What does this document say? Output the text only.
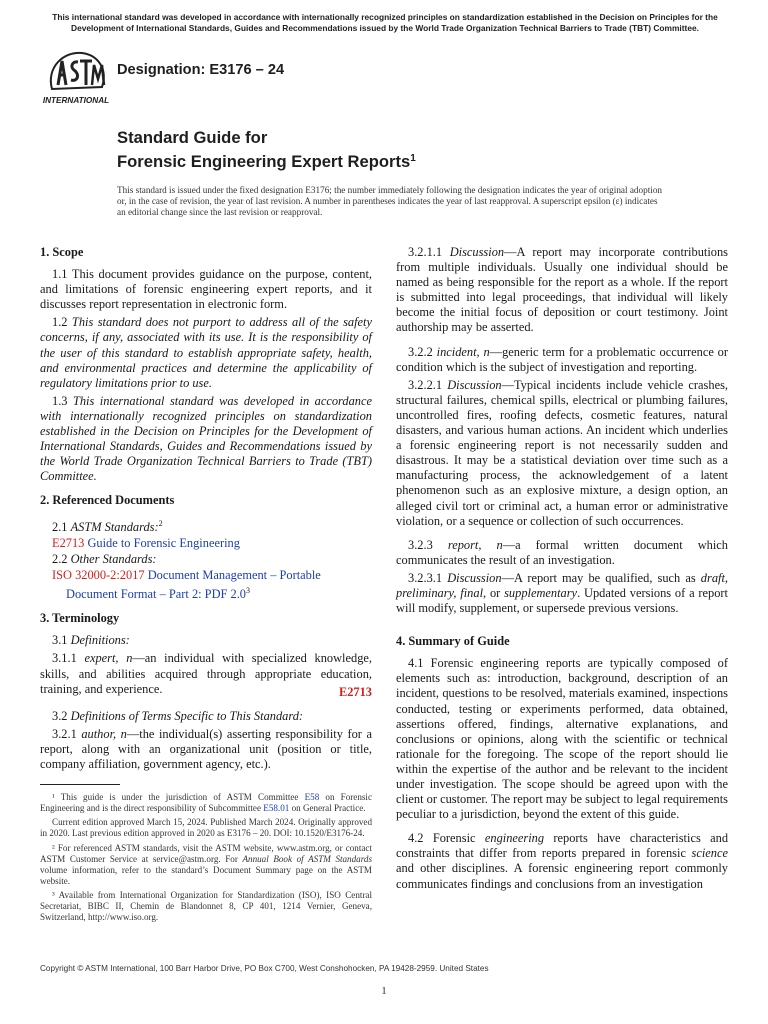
This international standard was developed in accordance with internationally recognized principles on standardization established in the Decision on Principles for the Development of International Standards, Guides and Recommendations issued by the World Trade Organization Technical Barriers to Trade (TBT) Committee.
INTERNATIONAL
Designation: E3176 – 24
Standard Guide for
Forensic Engineering Expert Reports$^1$
This standard is issued under the fixed designation E3176; the number immediately following the designation indicates the year of original adoption or, in the case of revision, the year of last revision. A number in parentheses indicates the year of last reapproval. A superscript epsilon (ε) indicates an editorial change since the last revision or reapproval.
1. Scope

1.1 This document provides guidance on the purpose, content, and limitations of forensic engineering expert reports, and it discusses report representation in electronic form.

1.2 This standard does not purport to address all of the safety concerns, if any, associated with its use. It is the responsibility of the user of this standard to establish appropriate safety, health, and environmental practices and determine the applicability of regulatory limitations prior to use.

1.3 This international standard was developed in accordance with internationally recognized principles on standardization established in the Decision on Principles for the Development of International Standards, Guides and Recommendations issued by the World Trade Organization Technical Barriers to Trade (TBT) Committee.

2. Referenced Documents

2.1 ASTM Standards:$^2$

E2713 Guide to Forensic Engineering

2.2 Other Standards:

ISO 32000-2:2017 Document Management – Portable Document Format – Part 2: PDF $2.0^3$

3. Terminology

3.1 Definitions:

3.1.1 expert, n—an individual with specialized knowledge, skills, and abilities acquired through appropriate education, training, and experience.	E2713

3.2 Definitions of Terms Specific to This Standard:

3.2.1 author, n—the individual(s) asserting responsibility for a report, along with an organizational unit (position or title, company affiliation, government agency, etc.).

¹ This guide is under the jurisdiction of ASTM Committee E58 on Forensic Engineering and is the direct responsibility of Subcommittee E58.01 on General Practice.

Current edition approved March 15, 2024. Published March 2024. Originally approved in 2020. Last previous edition approved in 2020 as E3176 – 20. DOI: 10.1520/E3176-24.

² For referenced ASTM standards, visit the ASTM website, www.astm.org, or contact ASTM Customer Service at service@astm.org. For Annual Book of ASTM Standards volume information, refer to the standard’s Document Summary page on the ASTM website.

³ Available from International Organization for Standardization (ISO), ISO Central Secretariat, BIBC II, Chemin de Blandonnet 8, CP 401, 1214 Vernier, Geneva, Switzerland, http://www.iso.org.

3.2.1.1 Discussion—A report may incorporate contributions from multiple individuals. Usually one individual should be named as being responsible for the report as a whole. If the report is submitted into legal proceedings, that individual will likely become the initial focus of deposition or court testimony. Joint authorship may be asserted.

3.2.2 incident, n—generic term for a problematic occurrence or condition which is the subject of investigation and reporting.

3.2.2.1 Discussion—Typical incidents include vehicle crashes, structural failures, chemical spills, electrical or plumbing failures, uncontrolled fires, roofing defects, cosmetic features, natural disasters, and various human actions. An incident which underlies a forensic engineering report is not necessarily sudden and disastrous. It may be a statistical deviation over time such as a manufacturing process, the acknowledgement of a latent phenomenon such as an explosive mixture, a design option, an alleged civil tort or criminal act, a human error or administrative violation, or a sequence or collection of such occurrences.

3.2.3 report, n—a formal written document which communicates the result of an investigation.

3.2.3.1 Discussion—A report may be qualified, such as draft, preliminary, final, or supplementary. Updated versions of a report will modify, supplement, or supersede previous versions.

4. Summary of Guide

4.1 Forensic engineering reports are typically composed of elements such as: introduction, background, description of an incident, questions to be resolved, materials examined, inspections conducted, testing or experiments performed, data obtained, assertions offered, findings, alternative explanations, and conclusions or opinions, along with the scientific or technical rationale for the foregoing. The scope of the report should lie within the expertise of the author and be relevant to the incident under investigation. The scope should be agreed upon with the client or customer. The report may be subject to legal requirements peculiar to a jurisdiction, beyond the extent of this guide.

4.2 Forensic engineering reports have characteristics and constraints that differ from reports prepared in forensic science and other disciplines. A forensic engineering report commonly communicates findings and conclusions from an investigation

Copyright © ASTM International, 100 Barr Harbor Drive, PO Box C700, West Conshohocken, PA 19428-2959. United States
1
